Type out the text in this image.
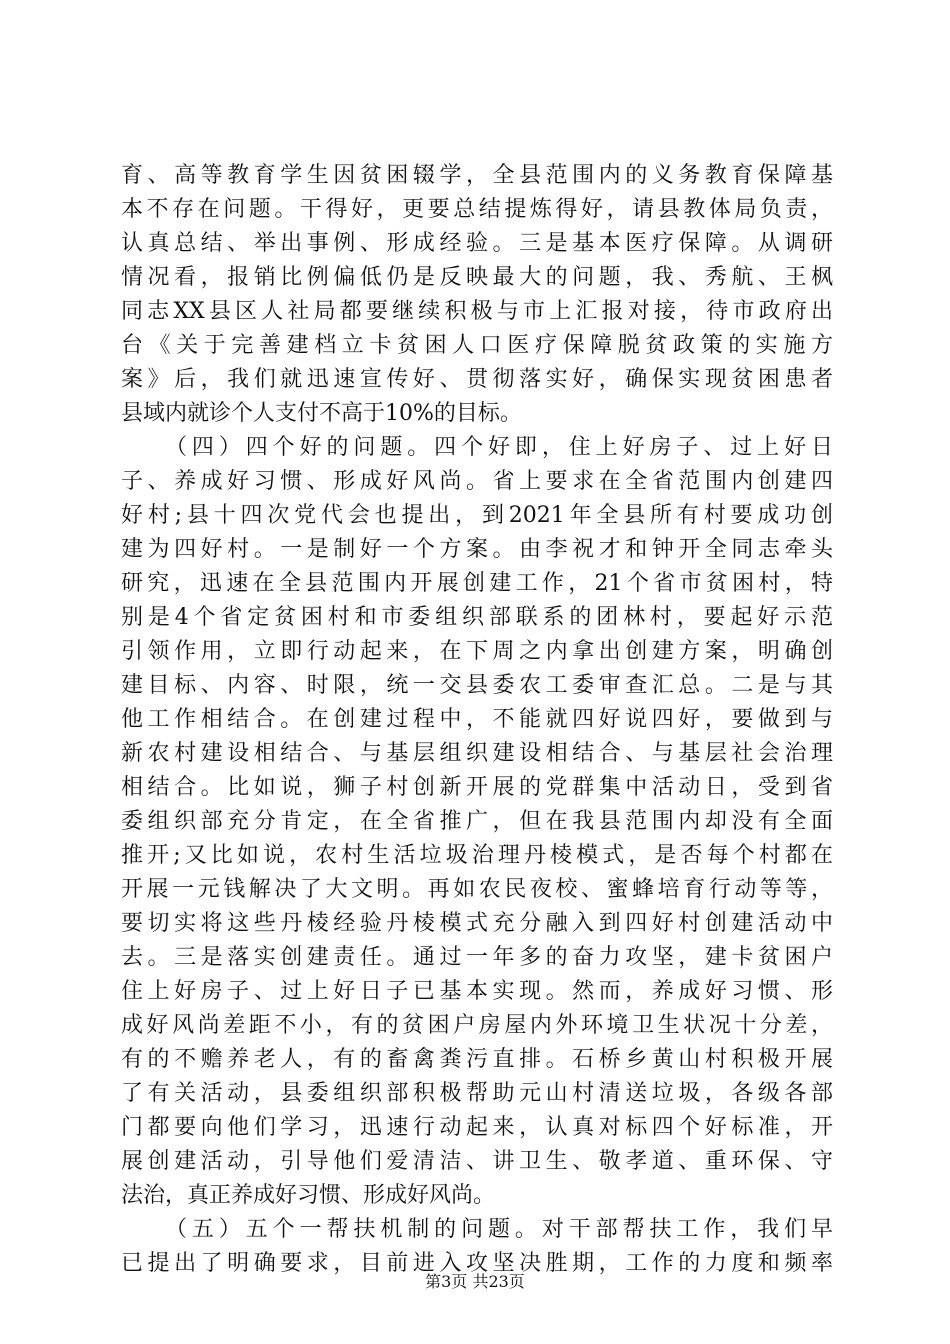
育、高等教育学生因贫困辍学，全县范围内的义务教育保障基
本不存在问题。干得好，更要总结提炼得好，请县教体局负责，
认真总结、举出事例、形成经验。三是基本医疗保障。从调研
情况看，报销比例偏低仍是反映最大的问题，我、秀航、王枫
同志XX县区人社局都要继续积极与市上汇报对接，待市政府出
台《关于完善建档立卡贫困人口医疗保障脱贫政策的实施方
案》后，我们就迅速宣传好、贯彻落实好，确保实现贫困患者
县域内就诊个人支付不高于10%的目标。
（四）四个好的问题。四个好即，住上好房子、过上好日
子、养成好习惯、形成好风尚。省上要求在全省范围内创建四
好村;县十四次党代会也提出，到2021年全县所有村要成功创
建为四好村。一是制好一个方案。由李祝才和钟开全同志牵头
研究，迅速在全县范围内开展创建工作，21个省市贫困村，特
别是4个省定贫困村和市委组织部联系的团林村，要起好示范
引领作用，立即行动起来，在下周之内拿出创建方案，明确创
建目标、内容、时限，统一交县委农工委审查汇总。二是与其
他工作相结合。在创建过程中，不能就四好说四好，要做到与
新农村建设相结合、与基层组织建设相结合、与基层社会治理
相结合。比如说，狮子村创新开展的党群集中活动日，受到省
委组织部充分肯定，在全省推广，但在我县范围内却没有全面
推开;又比如说，农村生活垃圾治理丹棱模式，是否每个村都在
开展一元钱解决了大文明。再如农民夜校、蜜蜂培育行动等等，
要切实将这些丹棱经验丹棱模式充分融入到四好村创建活动中
去。三是落实创建责任。通过一年多的奋力攻坚，建卡贫困户
住上好房子、过上好日子已基本实现。然而，养成好习惯、形
成好风尚差距不小，有的贫困户房屋内外环境卫生状况十分差，
有的不赡养老人，有的畜禽粪污直排。石桥乡黄山村积极开展
了有关活动，县委组织部积极帮助元山村清送垃圾，各级各部
门都要向他们学习，迅速行动起来，认真对标四个好标准，开
展创建活动，引导他们爱清洁、讲卫生、敬孝道、重环保、守
法治，真正养成好习惯、形成好风尚。
（五）五个一帮扶机制的问题。对干部帮扶工作，我们早
已提出了明确要求，目前进入攻坚决胜期，工作的力度和频率
第3页 共23页
